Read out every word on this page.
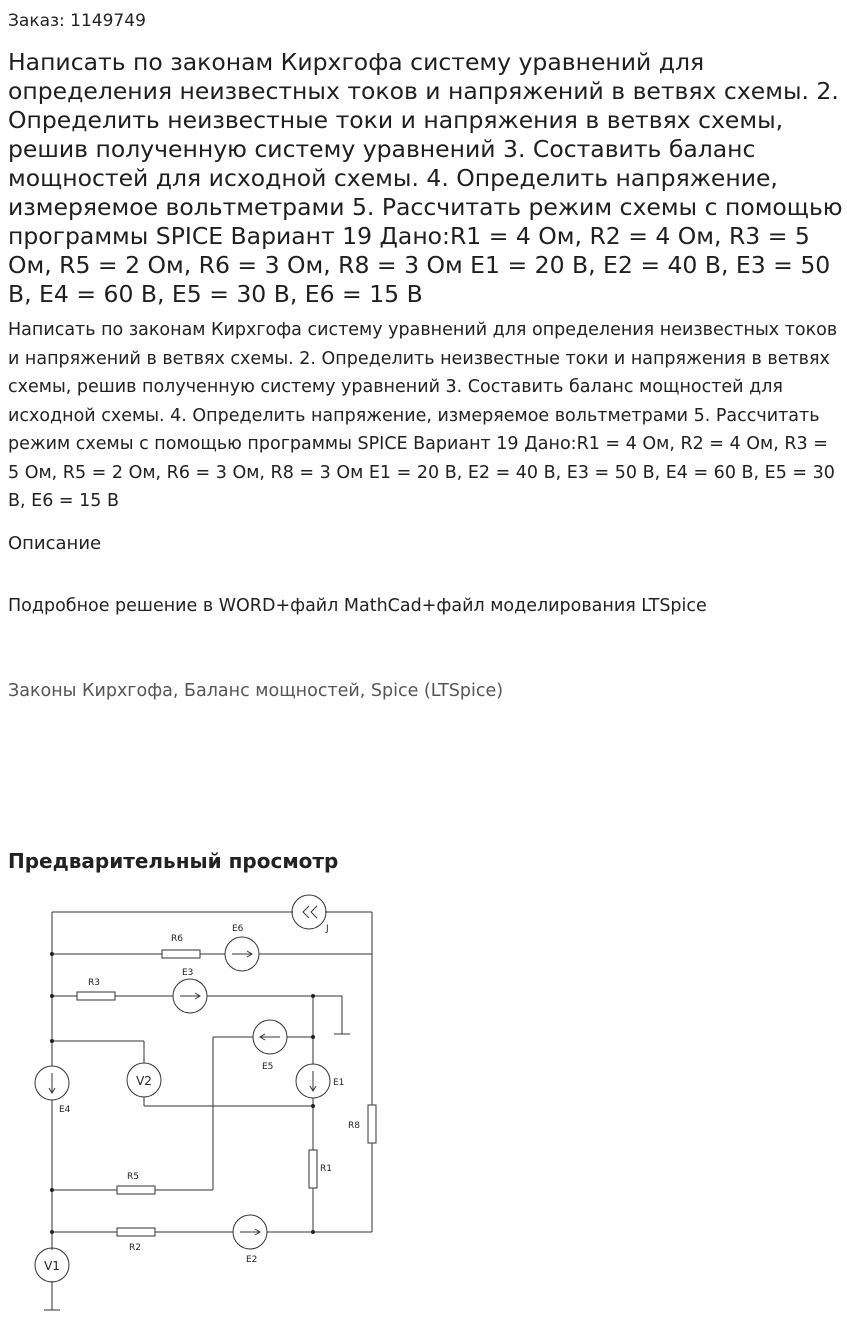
Заказ: 1149749
Написать по законам Кирхгофа систему уравнений для определения неизвестных токов и напряжений в ветвях схемы. 2. Определить неизвестные токи и напряжения в ветвях схемы, решив полученную систему уравнений 3. Составить баланс мощностей для исходной схемы. 4. Определить напряжение, измеряемое вольтметрами 5. Рассчитать режим схемы с помощью программы SPICE Вариант 19 Дано:R1 = 4 Ом, R2 = 4 Ом, R3 = 5 Ом, R5 = 2 Ом, R6 = 3 Ом, R8 = 3 Ом E1 = 20 В, E2 = 40 В, E3 = 50 В, E4 = 60 В, E5 = 30 В, E6 = 15 В
Написать по законам Кирхгофа систему уравнений для определения неизвестных токов и напряжений в ветвях схемы. 2. Определить неизвестные токи и напряжения в ветвях схемы, решив полученную систему уравнений 3. Составить баланс мощностей для исходной схемы. 4. Определить напряжение, измеряемое вольтметрами 5. Рассчитать режим схемы с помощью программы SPICE Вариант 19 Дано:R1 = 4 Ом, R2 = 4 Ом, R3 = 5 Ом, R5 = 2 Ом, R6 = 3 Ом, R8 = 3 Ом E1 = 20 В, E2 = 40 В, E3 = 50 В, E4 = 60 В, E5 = 30 В, E6 = 15 В
Описание
Подробное решение в WORD+файл MathCad+файл моделирования LTSpice
Законы Кирхгофа, Баланс мощностей, Spice (LTSpice)
Предварительный просмотр
J
R6
E6
R3
E3
E5
E1
E4
R8
R1
R5
R2
E2
V2
V1
